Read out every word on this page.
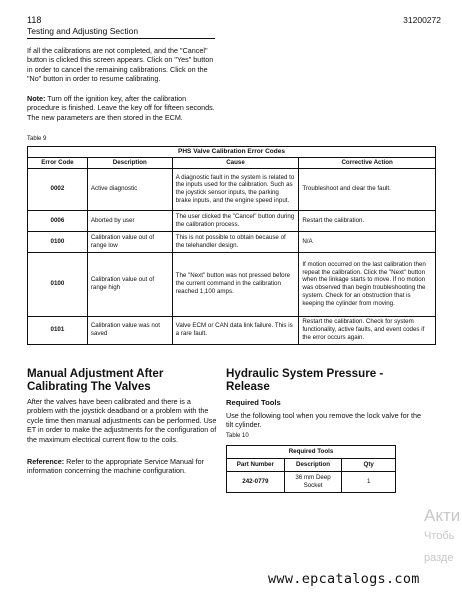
118
Testing and Adjusting Section
31200272
If all the calibrations are not completed, and the "Cancel" button is clicked this screen appears. Click on "Yes" button in order to cancel the remaining calibrations. Click on the "No" button in order to resume calibrating.
Note: Turn off the ignition key, after the calibration procedure is finished. Leave the key off for fifteen seconds. The new parameters are then stored in the ECM.
Table 9
PHS Valve Calibration Error Codes			
Error Code	Description	Cause	Corrective Action
0002	Active diagnostic	A diagnostic fault in the system is related to the inputs used for the calibration. Such as the joystick sensor inputs, the parking brake inputs, and the engine speed input.	Troubleshoot and clear the fault.
0006	Aborted by user	The user clicked the "Cancel" button during the calibration process.	Restart the calibration.
0100	Calibration value out of range low	This is not possible to obtain because of the telehandler design.	N/A
0100	Calibration value out of range high	The "Next" button was not pressed before the current command in the calibration reached 1,100 amps.	If motion occurred on the last calibration then repeat the calibration. Click the "Next" button when the linkage starts to move. If no motion was observed than begin troubleshooting the system. Check for an obstruction that is keeping the cylinder from moving.
0101	Calibration value was not saved	Valve ECM or CAN data link failure. This is a rare fault.	Restart the calibration. Check for system functionality, active faults, and event codes if the error occurs again.
Manual Adjustment After Calibrating The Valves
After the valves have been calibrated and there is a problem with the joystick deadband or a problem with the cycle time then manual adjustments can be performed. Use ET in order to make the adjustments for the configuration of the maximum electrical current flow to the coils.
Reference: Refer to the appropriate Service Manual for information concerning the machine configuration.
Hydraulic System Pressure - Release
Required Tools
Use the following tool when you remove the lock valve for the tilt cylinder.
Table 10
Required Tools		
Part Number	Description	Qty
242-0779	36 mm Deep Socket	1
Акти
Чтобь
разде
www.epcatalogs.com
